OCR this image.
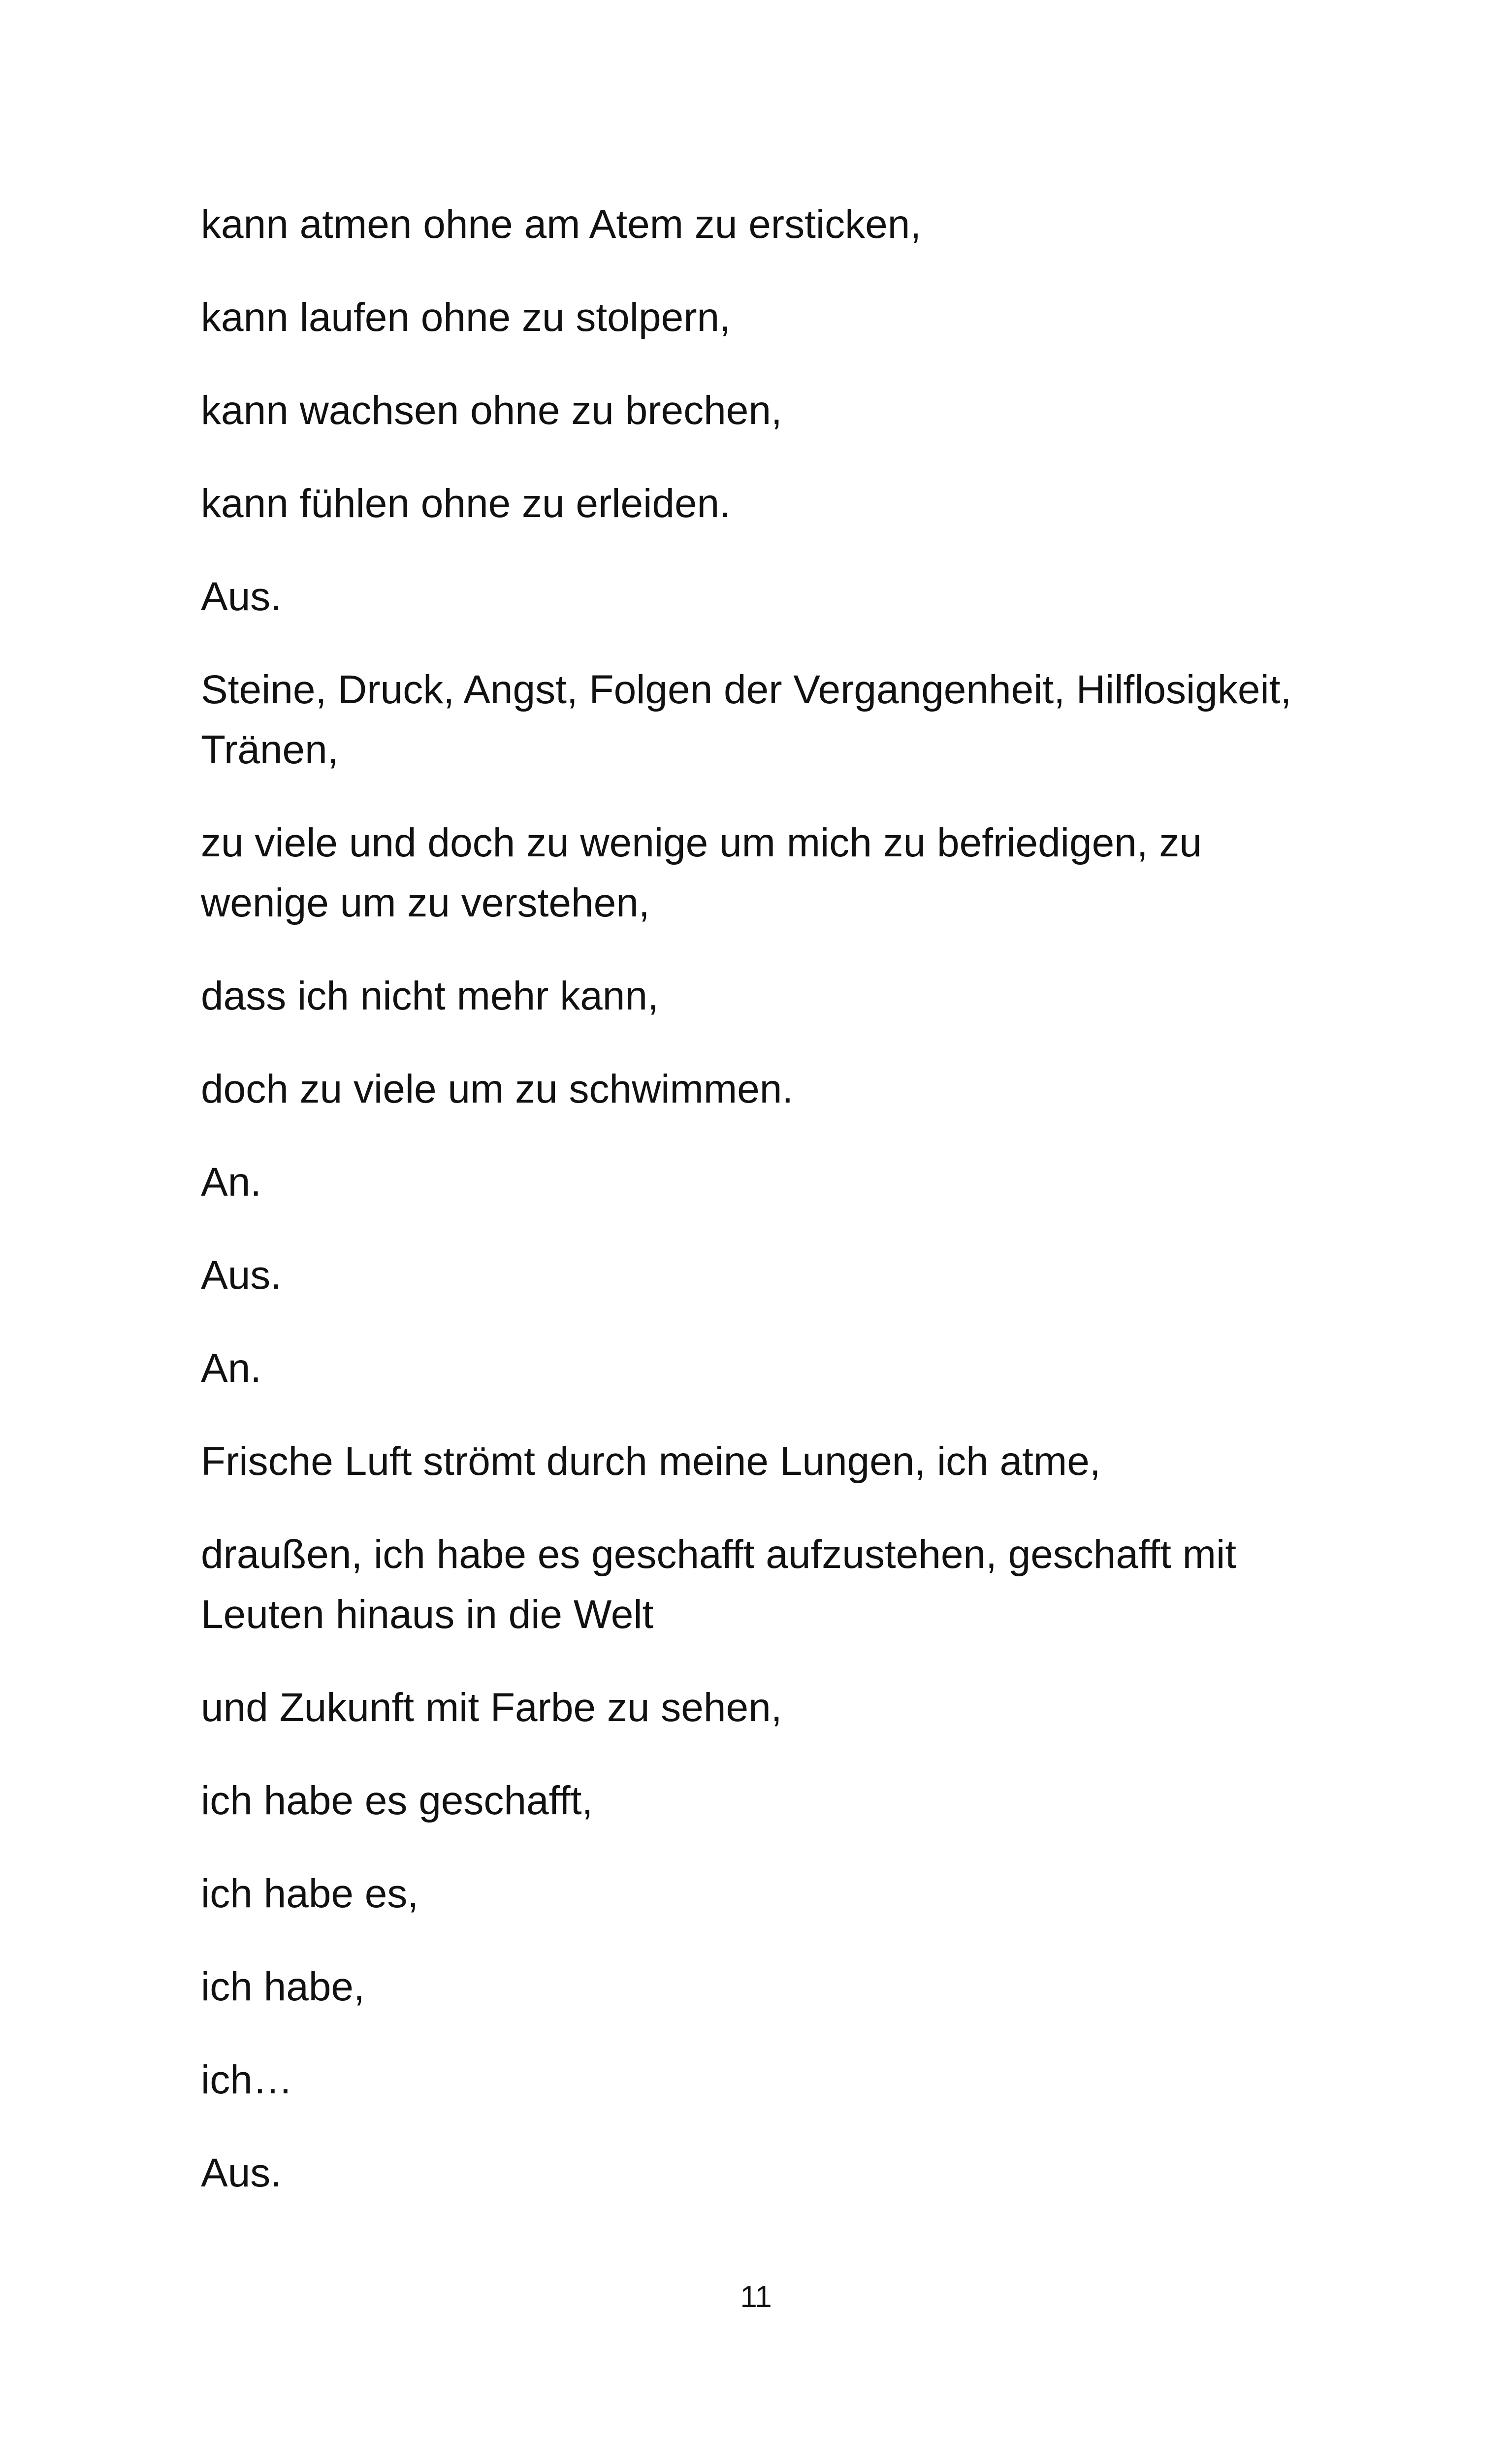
kann atmen ohne am Atem zu ersticken,

kann laufen ohne zu stolpern,

kann wachsen ohne zu brechen,

kann fühlen ohne zu erleiden.

Aus.

Steine, Druck, Angst, Folgen der Vergangenheit, Hilflosigkeit, Tränen,

zu viele und doch zu wenige um mich zu befriedigen, zu wenige um zu verstehen,

dass ich nicht mehr kann,

doch zu viele um zu schwimmen.

An.

Aus.

An.

Frische Luft strömt durch meine Lungen, ich atme,

draußen, ich habe es geschafft aufzustehen, geschafft mit Leuten hinaus in die Welt

und Zukunft mit Farbe zu sehen,

ich habe es geschafft,

ich habe es,

ich habe,

ich…

Aus.

11
